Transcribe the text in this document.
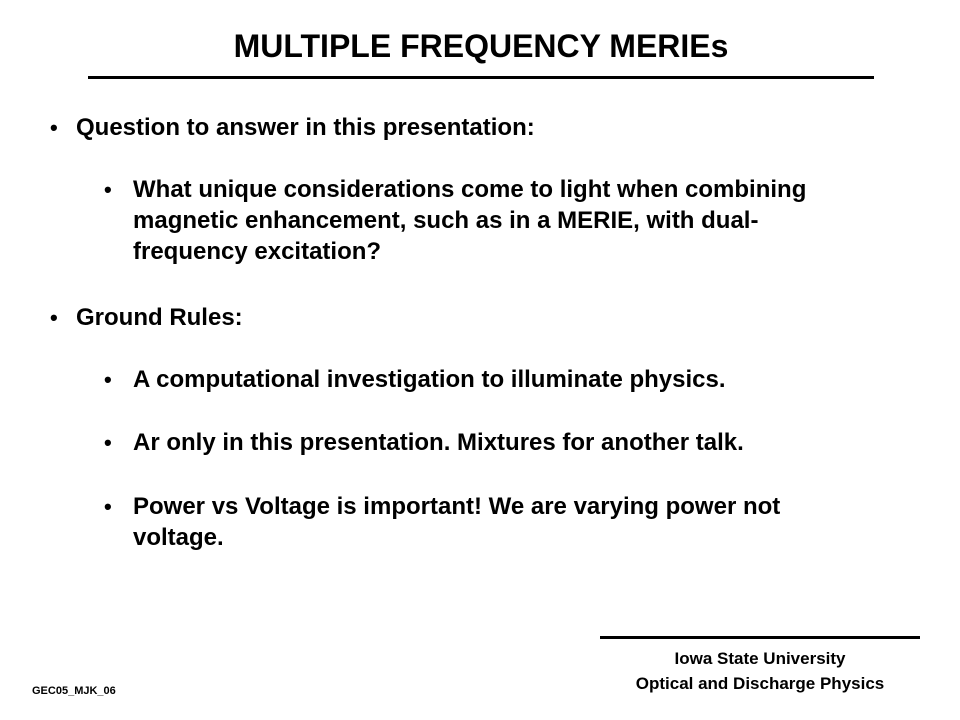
MULTIPLE FREQUENCY MERIEs
• Question to answer in this presentation:
• What unique considerations come to light when combining magnetic enhancement, such as in a MERIE, with dual-frequency excitation?
• Ground Rules:
• A computational investigation to illuminate physics.
• Ar only in this presentation. Mixtures for another talk.
• Power vs Voltage is important! We are varying power not voltage.
Iowa State University
Optical and Discharge Physics
GEC05_MJK_06
